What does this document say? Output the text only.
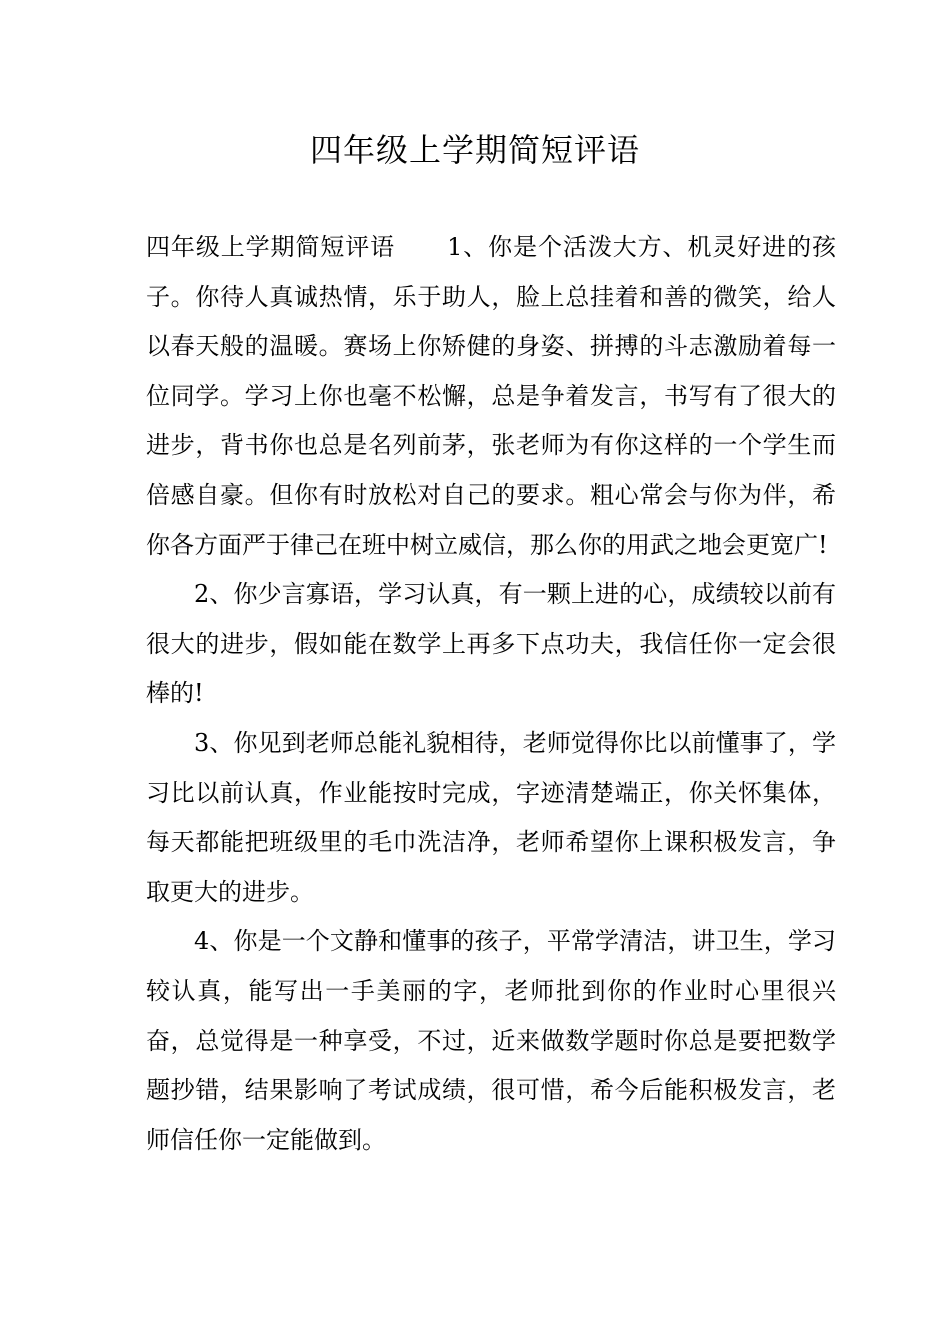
四年级上学期简短评语

四年级上学期简短评语 1、你是个活泼大方、机灵好进的孩子。你待人真诚热情，乐于助人，脸上总挂着和善的微笑，给人以春天般的温暖。赛场上你矫健的身姿、拼搏的斗志激励着每一位同学。学习上你也毫不松懈，总是争着发言，书写有了很大的进步，背书你也总是名列前茅，张老师为有你这样的一个学生而倍感自豪。但你有时放松对自己的要求。粗心常会与你为伴，希你各方面严于律己在班中树立威信，那么你的用武之地会更宽广!

2、你少言寡语，学习认真，有一颗上进的心，成绩较以前有很大的进步，假如能在数学上再多下点功夫，我信任你一定会很棒的!

3、你见到老师总能礼貌相待，老师觉得你比以前懂事了，学习比以前认真，作业能按时完成，字迹清楚端正，你关怀集体，每天都能把班级里的毛巾洗洁净，老师希望你上课积极发言，争取更大的进步。

4、你是一个文静和懂事的孩子，平常学清洁，讲卫生，学习较认真，能写出一手美丽的字，老师批到你的作业时心里很兴奋，总觉得是一种享受，不过，近来做数学题时你总是要把数学题抄错，结果影响了考试成绩，很可惜，希今后能积极发言，老师信任你一定能做到。
